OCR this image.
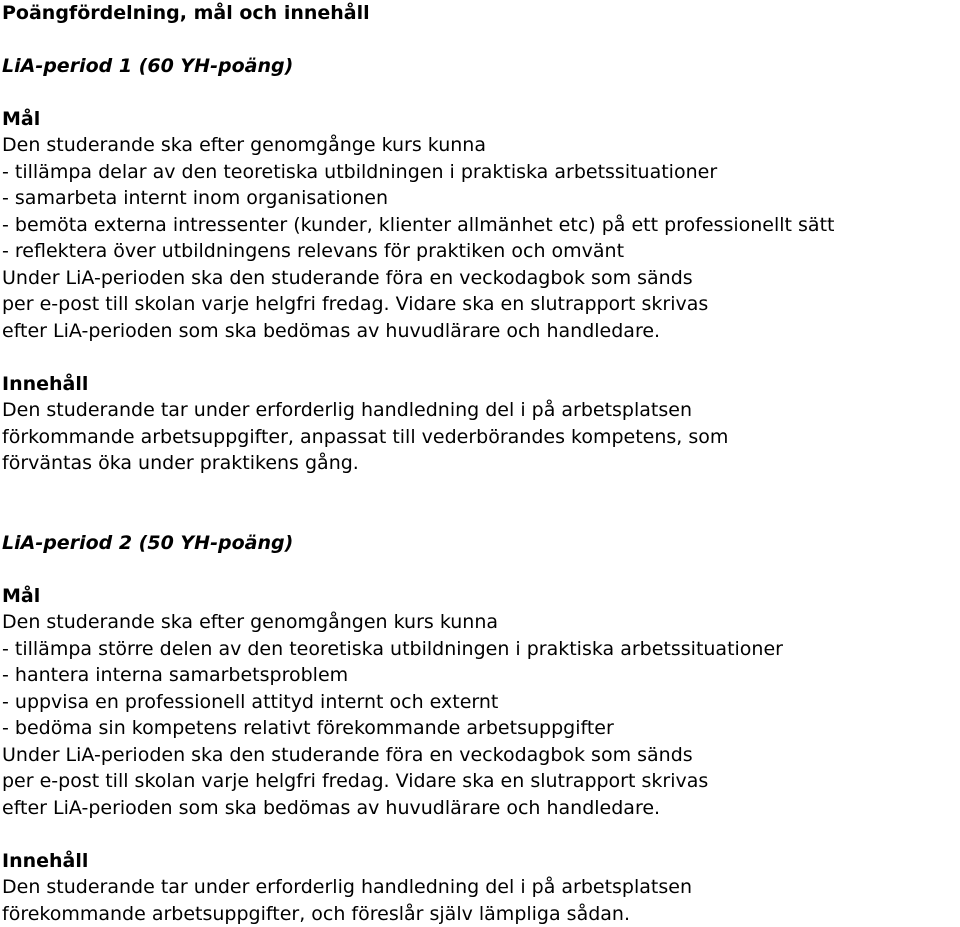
Poängfördelning, mål och innehåll
LiA-period 1 (60 YH-poäng)
Mål
Den studerande ska efter genomgånge kurs kunna
- tillämpa delar av den teoretiska utbildningen i praktiska arbetssituationer
- samarbeta internt inom organisationen
- bemöta externa intressenter (kunder, klienter allmänhet etc) på ett professionellt sätt
- reflektera över utbildningens relevans för praktiken och omvänt
Under LiA-perioden ska den studerande föra en veckodagbok som sänds
per e-post till skolan varje helgfri fredag. Vidare ska en slutrapport skrivas
efter LiA-perioden som ska bedömas av huvudlärare och handledare.
Innehåll
Den studerande tar under erforderlig handledning del i på arbetsplatsen
förkommande arbetsuppgifter, anpassat till vederbörandes kompetens, som
förväntas öka under praktikens gång.
LiA-period 2 (50 YH-poäng)
Mål
Den studerande ska efter genomgången kurs kunna
- tillämpa större delen av den teoretiska utbildningen i praktiska arbetssituationer
- hantera interna samarbetsproblem
- uppvisa en professionell attityd internt och externt
- bedöma sin kompetens relativt förekommande arbetsuppgifter
Under LiA-perioden ska den studerande föra en veckodagbok som sänds
per e-post till skolan varje helgfri fredag. Vidare ska en slutrapport skrivas
efter LiA-perioden som ska bedömas av huvudlärare och handledare.
Innehåll
Den studerande tar under erforderlig handledning del i på arbetsplatsen
förekommande arbetsuppgifter, och föreslår själv lämpliga sådan.
